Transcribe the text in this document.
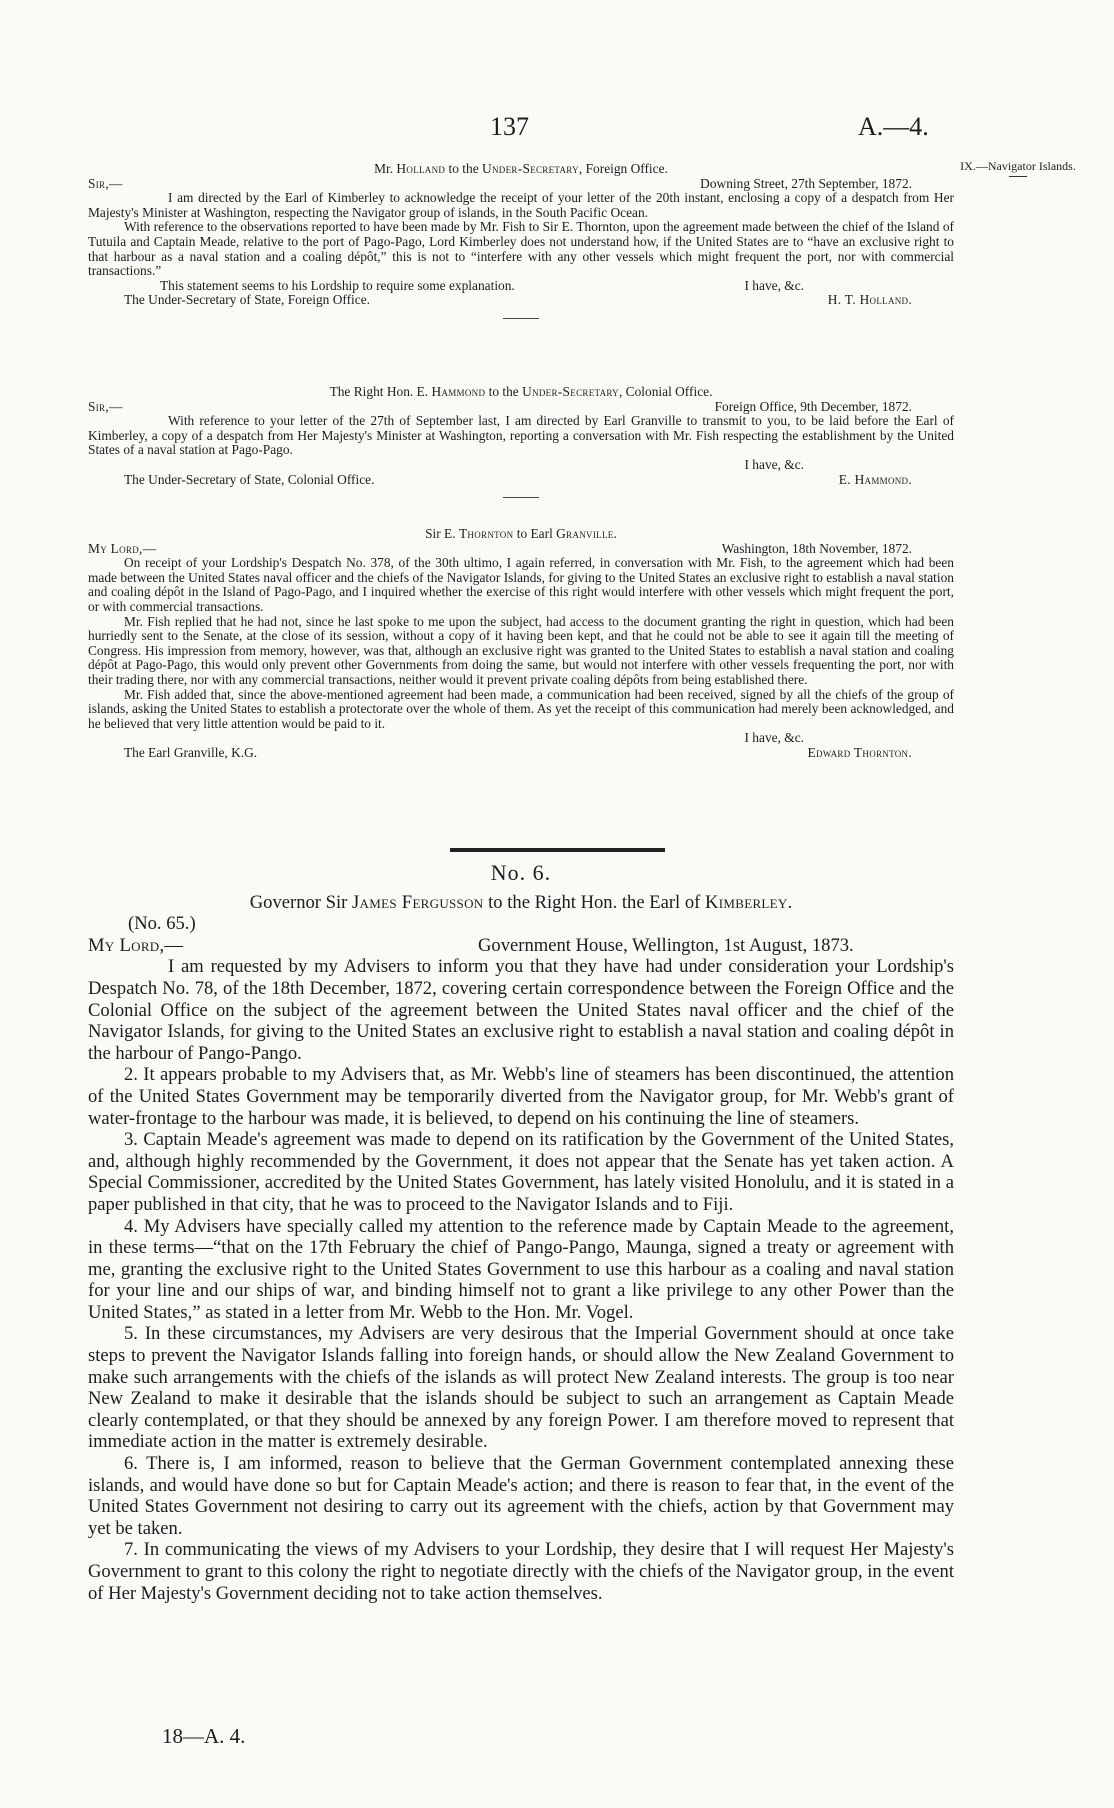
137	A.—4.
IX.—Navigator Islands.
Mr. Holland to the Under-Secretary, Foreign Office.
Sir,—	Downing Street, 27th September, 1872.

I am directed by the Earl of Kimberley to acknowledge the receipt of your letter of the 20th instant, enclosing a copy of a despatch from Her Majesty's Minister at Washington, respecting the Navigator group of islands, in the South Pacific Ocean.

With reference to the observations reported to have been made by Mr. Fish to Sir E. Thornton, upon the agreement made between the chief of the Island of Tutuila and Captain Meade, relative to the port of Pago-Pago, Lord Kimberley does not understand how, if the United States are to “have an exclusive right to that harbour as a naval station and a coaling dépôt,” this is not to “interfere with any other vessels which might frequent the port, nor with commercial transactions.”

This statement seems to his Lordship to require some explanation.	I have, &c.
The Under-Secretary of State, Foreign Office.	H. T. Holland.
The Right Hon. E. Hammond to the Under-Secretary, Colonial Office.
Sir,—	Foreign Office, 9th December, 1872.

With reference to your letter of the 27th of September last, I am directed by Earl Granville to transmit to you, to be laid before the Earl of Kimberley, a copy of a despatch from Her Majesty's Minister at Washington, reporting a conversation with Mr. Fish respecting the establishment by the United States of a naval station at Pago-Pago.

I have, &c.
The Under-Secretary of State, Colonial Office.	E. Hammond.
Sir E. Thornton to Earl Granville.
My Lord,—	Washington, 18th November, 1872.

On receipt of your Lordship's Despatch No. 378, of the 30th ultimo, I again referred, in conversation with Mr. Fish, to the agreement which had been made between the United States naval officer and the chiefs of the Navigator Islands, for giving to the United States an exclusive right to establish a naval station and coaling dépôt in the Island of Pago-Pago, and I inquired whether the exercise of this right would interfere with other vessels which might frequent the port, or with commercial transactions.

Mr. Fish replied that he had not, since he last spoke to me upon the subject, had access to the document granting the right in question, which had been hurriedly sent to the Senate, at the close of its session, without a copy of it having been kept, and that he could not be able to see it again till the meeting of Congress. His impression from memory, however, was that, although an exclusive right was granted to the United States to establish a naval station and coaling dépôt at Pago-Pago, this would only prevent other Governments from doing the same, but would not interfere with other vessels frequenting the port, nor with their trading there, nor with any commercial transactions, neither would it prevent private coaling dépôts from being established there.

Mr. Fish added that, since the above-mentioned agreement had been made, a communication had been received, signed by all the chiefs of the group of islands, asking the United States to establish a protectorate over the whole of them. As yet the receipt of this communication had merely been acknowledged, and he believed that very little attention would be paid to it.

I have, &c.
The Earl Granville, K.G.	Edward Thornton.
No. 6.
Governor Sir James Fergusson to the Right Hon. the Earl of Kimberley.
(No. 65.)
My Lord,—	Government House, Wellington, 1st August, 1873.

I am requested by my Advisers to inform you that they have had under consideration your Lordship's Despatch No. 78, of the 18th December, 1872, covering certain correspondence between the Foreign Office and the Colonial Office on the subject of the agreement between the United States naval officer and the chief of the Navigator Islands, for giving to the United States an exclusive right to establish a naval station and coaling dépôt in the harbour of Pango-Pango.

2. It appears probable to my Advisers that, as Mr. Webb's line of steamers has been discontinued, the attention of the United States Government may be temporarily diverted from the Navigator group, for Mr. Webb's grant of water-frontage to the harbour was made, it is believed, to depend on his continuing the line of steamers.

3. Captain Meade's agreement was made to depend on its ratification by the Government of the United States, and, although highly recommended by the Government, it does not appear that the Senate has yet taken action. A Special Commissioner, accredited by the United States Government, has lately visited Honolulu, and it is stated in a paper published in that city, that he was to proceed to the Navigator Islands and to Fiji.

4. My Advisers have specially called my attention to the reference made by Captain Meade to the agreement, in these terms—“that on the 17th February the chief of Pango-Pango, Maunga, signed a treaty or agreement with me, granting the exclusive right to the United States Government to use this harbour as a coaling and naval station for your line and our ships of war, and binding himself not to grant a like privilege to any other Power than the United States,” as stated in a letter from Mr. Webb to the Hon. Mr. Vogel.

5. In these circumstances, my Advisers are very desirous that the Imperial Government should at once take steps to prevent the Navigator Islands falling into foreign hands, or should allow the New Zealand Government to make such arrangements with the chiefs of the islands as will protect New Zealand interests. The group is too near New Zealand to make it desirable that the islands should be subject to such an arrangement as Captain Meade clearly contemplated, or that they should be annexed by any foreign Power. I am therefore moved to represent that immediate action in the matter is extremely desirable.

6. There is, I am informed, reason to believe that the German Government contemplated annexing these islands, and would have done so but for Captain Meade's action; and there is reason to fear that, in the event of the United States Government not desiring to carry out its agreement with the chiefs, action by that Government may yet be taken.

7. In communicating the views of my Advisers to your Lordship, they desire that I will request Her Majesty's Government to grant to this colony the right to negotiate directly with the chiefs of the Navigator group, in the event of Her Majesty's Government deciding not to take action themselves.

18—A. 4.
